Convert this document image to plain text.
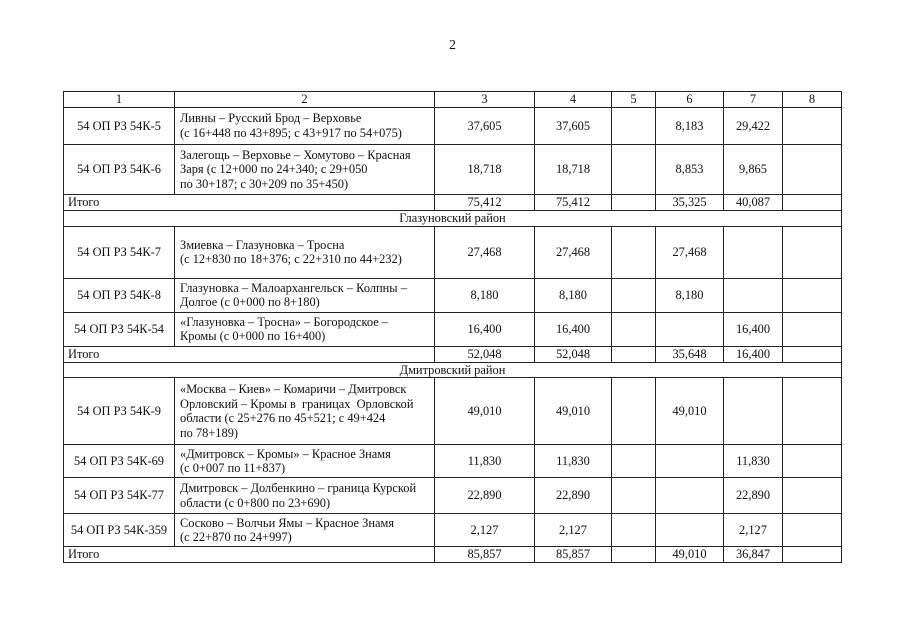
2
1	2	3	4	5	6	7	8
54 ОП РЗ 54К-5	Ливны – Русский Брод – Верховье
(с 16+448 по 43+895; с 43+917 по 54+075)	37,605	37,605		8,183	29,422	
54 ОП РЗ 54К-6	Залегощь – Верховье – Хомутово – Красная
Заря (с 12+000 по 24+340; с 29+050
по 30+187; с 30+209 по 35+450)	18,718	18,718		8,853	9,865	
Итого		75,412	75,412		35,325	40,087	
Глазуновский район							
54 ОП РЗ 54К-7	Змиевка – Глазуновка – Тросна
(с 12+830 по 18+376; с 22+310 по 44+232)	27,468	27,468		27,468		
54 ОП РЗ 54К-8	Глазуновка – Малоархангельск – Колпны –
Долгое (с 0+000 по 8+180)	8,180	8,180		8,180		
54 ОП РЗ 54К-54	«Глазуновка – Тросна» – Богородское –
Кромы (с 0+000 по 16+400)	16,400	16,400			16,400	
Итого		52,048	52,048		35,648	16,400	
Дмитровский район							
54 ОП РЗ 54К-9	«Москва – Киев» – Комаричи – Дмитровск
Орловский – Кромы в  границах  Орловской
области (с 25+276 по 45+521; с 49+424
по 78+189)	49,010	49,010		49,010		
54 ОП РЗ 54К-69	«Дмитровск – Кромы» – Красное Знамя
(с 0+007 по 11+837)	11,830	11,830			11,830	
54 ОП РЗ 54К-77	Дмитровск – Долбенкино – граница Курской
области (с 0+800 по 23+690)	22,890	22,890			22,890	
54 ОП РЗ 54К-359	Сосково – Волчьи Ямы – Красное Знамя
(с 22+870 по 24+997)	2,127	2,127			2,127	
Итого		85,857	85,857		49,010	36,847	
